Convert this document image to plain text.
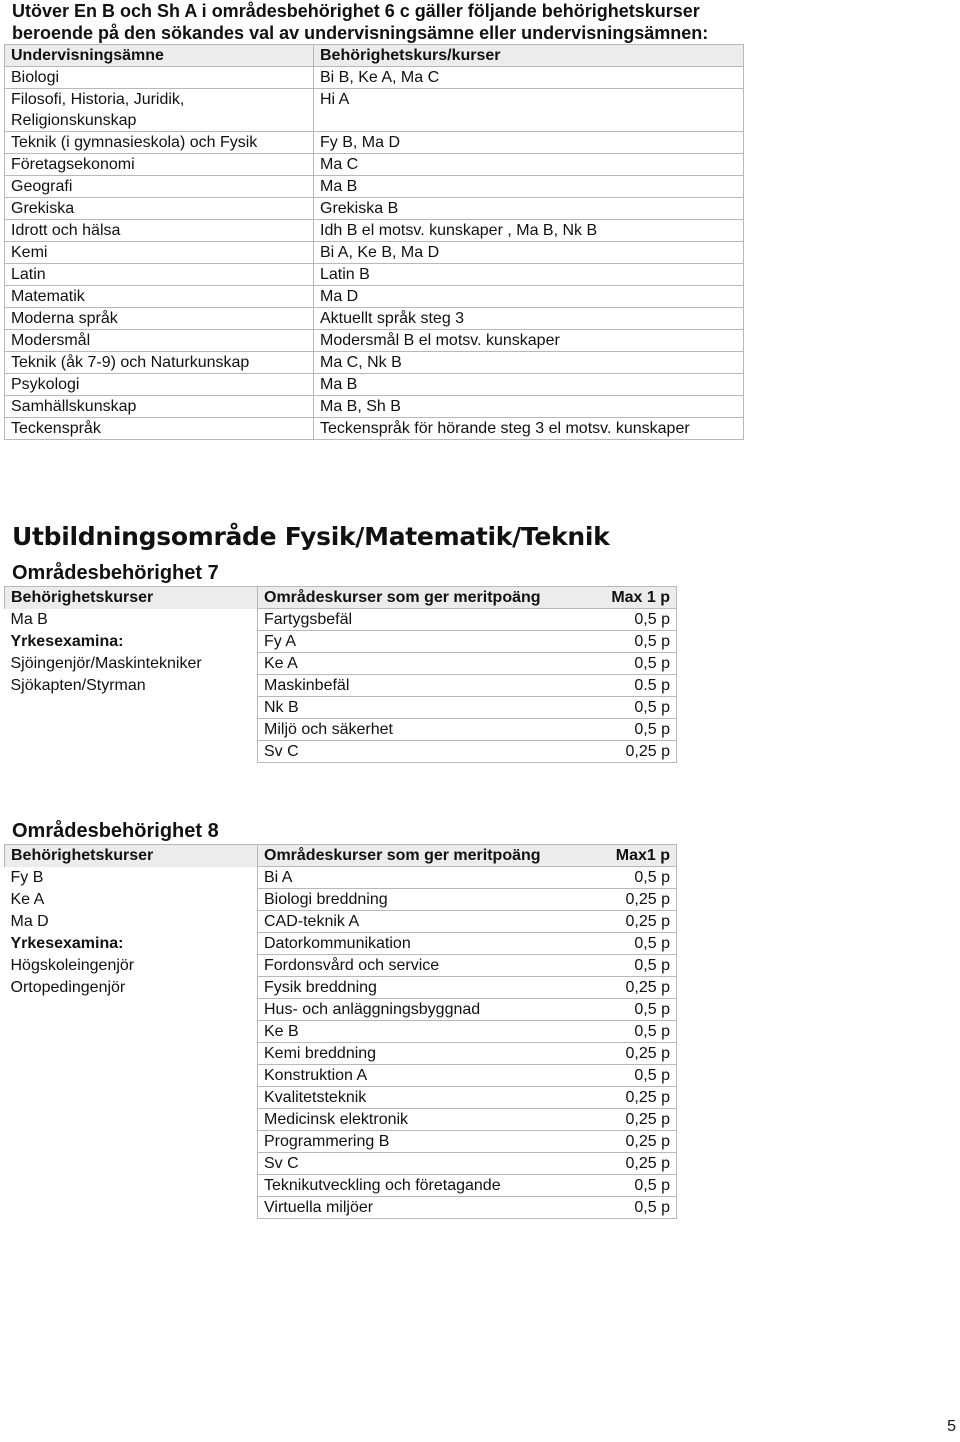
Utöver En B och Sh A i områdesbehörighet 6 c gäller följande behörighetskurser
beroende på den sökandes val av undervisningsämne eller undervisningsämnen:
Undervisningsämne	Behörighetskurs/kurser
Biologi	Bi B, Ke A, Ma C
Filosofi, Historia, Juridik,
Religionskunskap	Hi A
Teknik (i gymnasieskola) och Fysik	Fy B, Ma D
Företagsekonomi	Ma C
Geografi	Ma B
Grekiska	Grekiska B
Idrott och hälsa	Idh B el motsv. kunskaper , Ma B, Nk B
Kemi	Bi A, Ke B, Ma D
Latin	Latin B
Matematik	Ma D
Moderna språk	Aktuellt språk steg 3
Modersmål	Modersmål B el motsv. kunskaper
Teknik (åk 7-9) och Naturkunskap	Ma C, Nk B
Psykologi	Ma B
Samhällskunskap	Ma B, Sh B
Teckenspråk	Teckenspråk för hörande steg 3 el motsv. kunskaper
Utbildningsområde Fysik/Matematik/Teknik
Områdesbehörighet 7
Behörighetskurser	Områdeskurser som ger meritpoäng	Max 1 p
Ma B	Fartygsbefäl	0,5 p
Yrkesexamina:	Fy A	0,5 p
Sjöingenjör/Maskintekniker	Ke A	0,5 p
Sjökapten/Styrman	Maskinbefäl	0.5 p
	Nk B	0,5 p
	Miljö och säkerhet	0,5 p
	Sv C	0,25 p
Områdesbehörighet 8
Behörighetskurser	Områdeskurser som ger meritpoäng	Max1 p
Fy B	Bi A	0,5 p
Ke A	Biologi breddning	0,25 p
Ma D	CAD-teknik A	0,25 p
Yrkesexamina:	Datorkommunikation	0,5 p
Högskoleingenjör	Fordonsvård och service	0,5 p
Ortopedingenjör	Fysik breddning	0,25 p
	Hus- och anläggningsbyggnad	0,5 p
	Ke B	0,5 p
	Kemi breddning	0,25 p
	Konstruktion A	0,5 p
	Kvalitetsteknik	0,25 p
	Medicinsk elektronik	0,25 p
	Programmering B	0,25 p
	Sv C	0,25 p
	Teknikutveckling och företagande	0,5 p
	Virtuella miljöer	0,5 p
5
